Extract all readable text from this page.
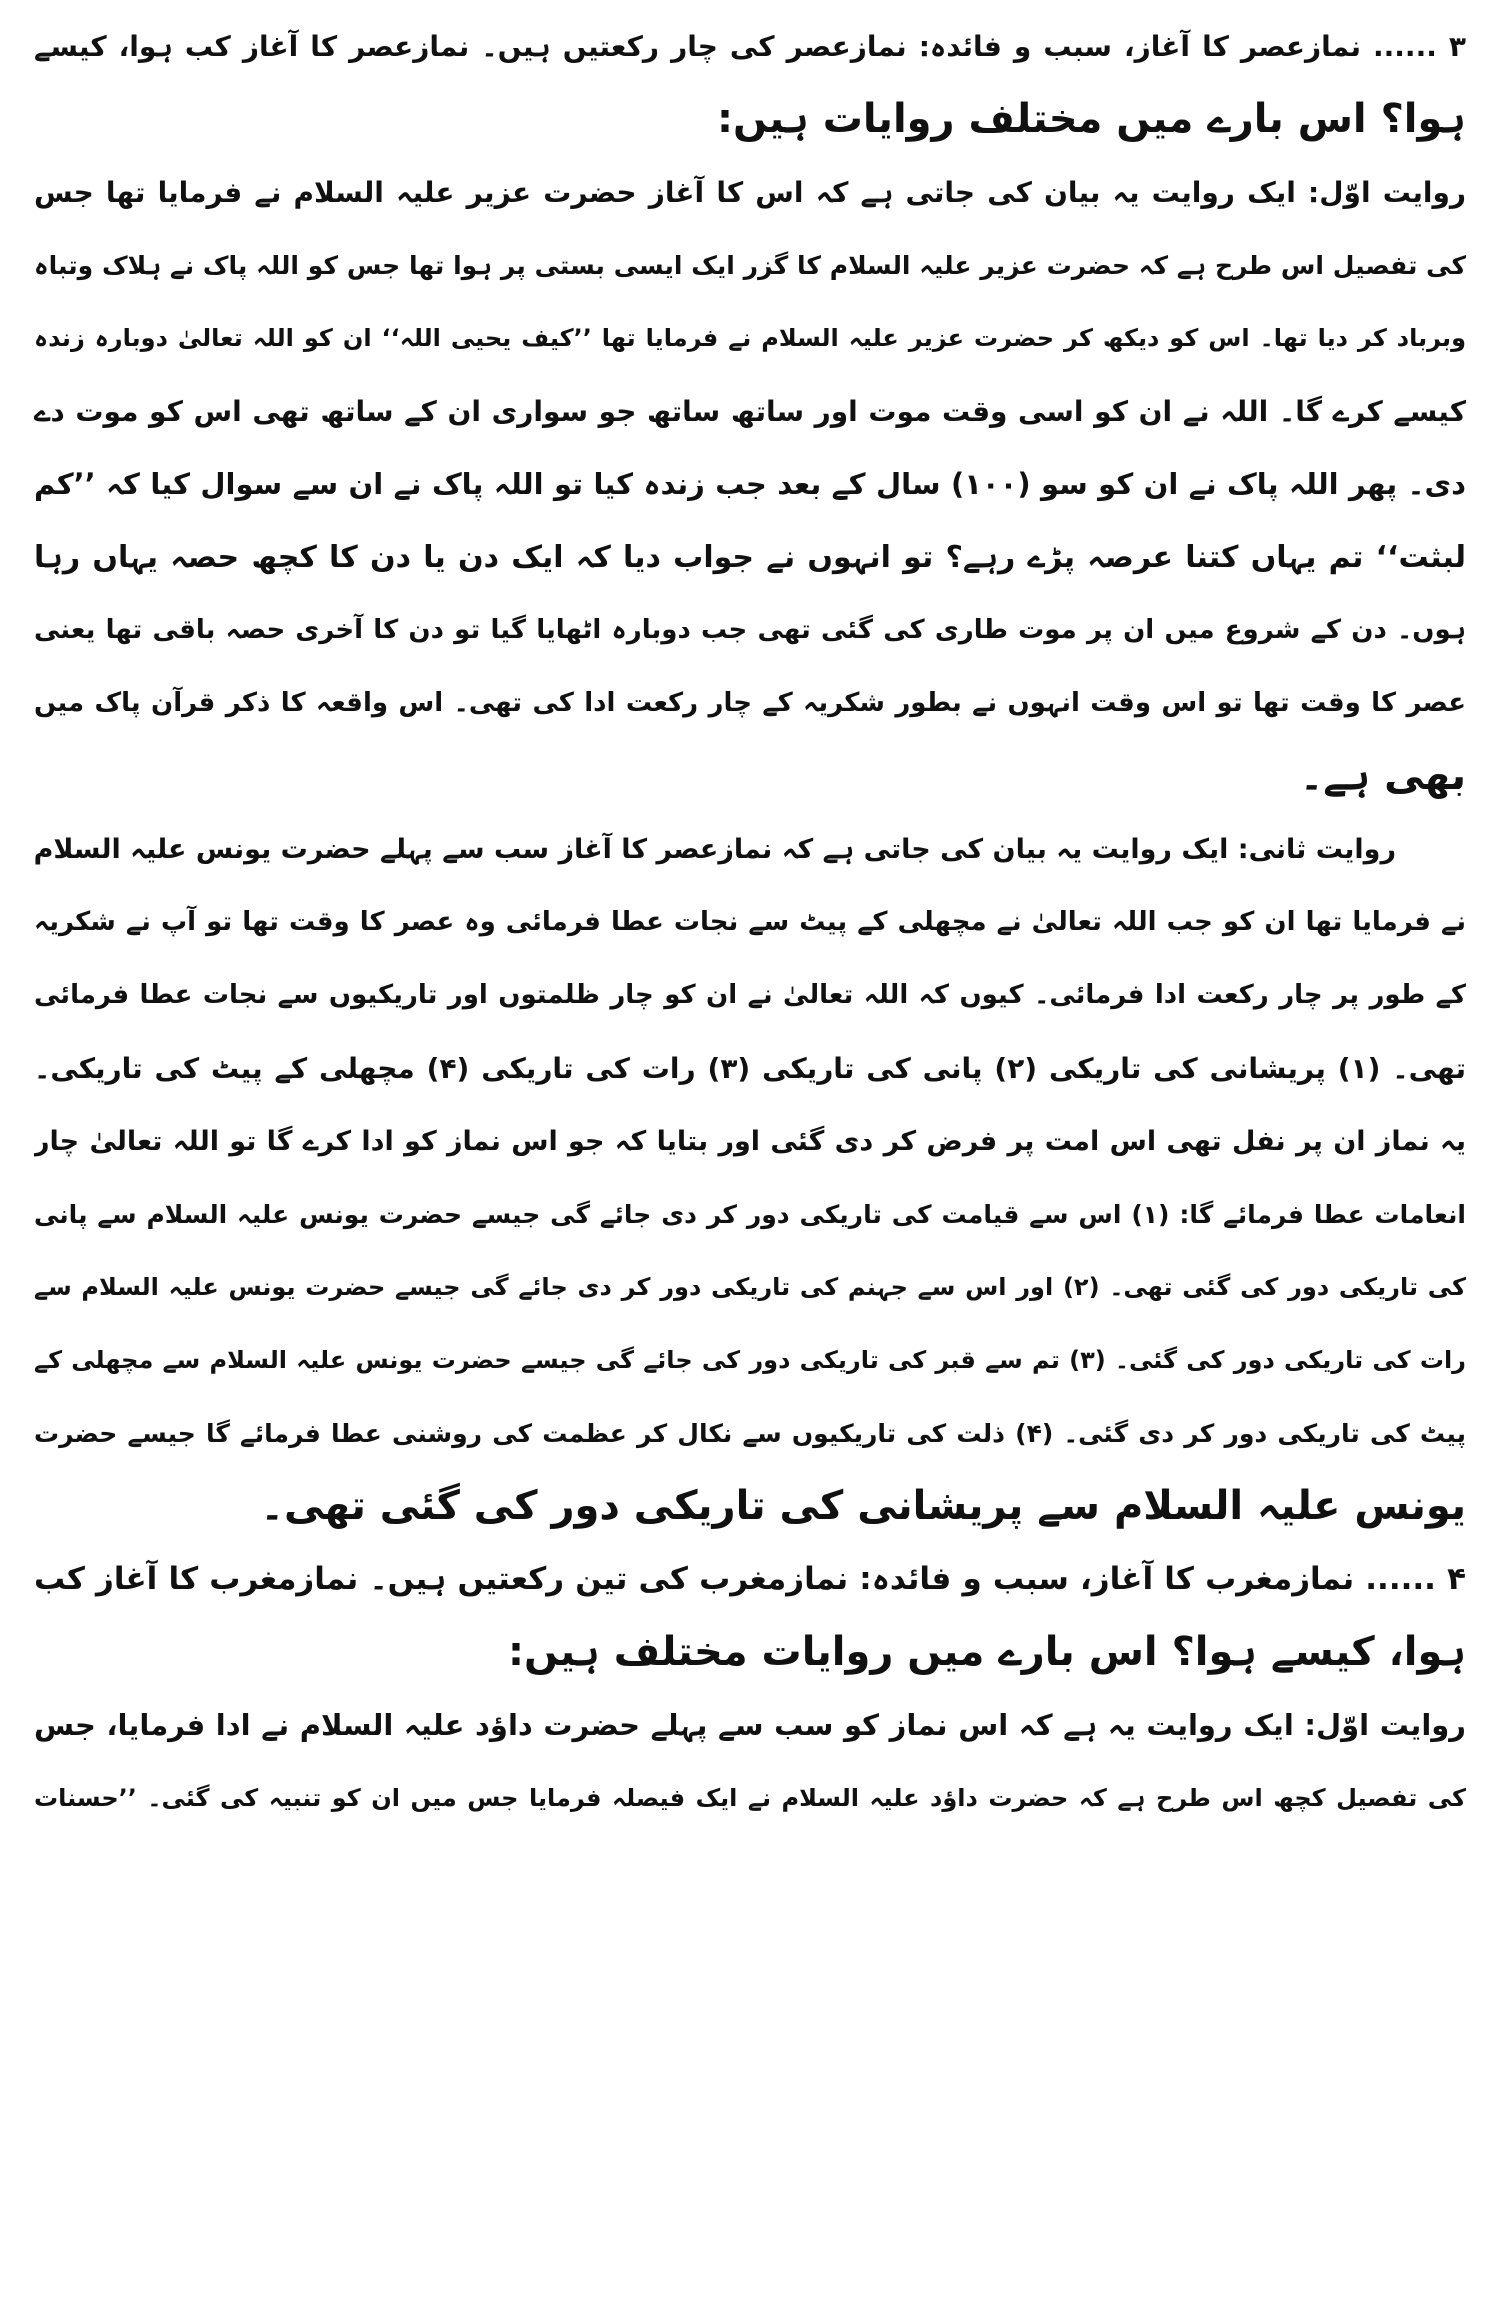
۳ ...... نمازعصر کا آغاز، سبب و فائدہ: نمازعصر کی چار رکعتیں ہیں۔ نمازعصر کا آغاز کب ہوا، کیسے
ہوا؟ اس بارے میں مختلف روایات ہیں:
روایت اوّل: ایک روایت یہ بیان کی جاتی ہے کہ اس کا آغاز حضرت عزیر علیہ السلام نے فرمایا تھا جس
کی تفصیل اس طرح ہے کہ حضرت عزیر علیہ السلام کا گزر ایک ایسی بستی پر ہوا تھا جس کو اللہ پاک نے ہلاک وتباہ
وبرباد کر دیا تھا۔ اس کو دیکھ کر حضرت عزیر علیہ السلام نے فرمایا تھا ’’کیف یحیی اللہ‘‘ ان کو اللہ تعالیٰ دوبارہ زندہ
کیسے کرے گا۔ اللہ نے ان کو اسی وقت موت اور ساتھ ساتھ جو سواری ان کے ساتھ تھی اس کو موت دے
دی۔ پھر اللہ پاک نے ان کو سو (۱۰۰) سال کے بعد جب زندہ کیا تو اللہ پاک نے ان سے سوال کیا کہ ’’کم
لبثت‘‘ تم یہاں کتنا عرصہ پڑے رہے؟ تو انہوں نے جواب دیا کہ ایک دن یا دن کا کچھ حصہ یہاں رہا
ہوں۔ دن کے شروع میں ان پر موت طاری کی گئی تھی جب دوبارہ اٹھایا گیا تو دن کا آخری حصہ باقی تھا یعنی
عصر کا وقت تھا تو اس وقت انہوں نے بطور شکریہ کے چار رکعت ادا کی تھی۔ اس واقعہ کا ذکر قرآن پاک میں
بھی ہے۔
روایت ثانی: ایک روایت یہ بیان کی جاتی ہے کہ نمازعصر کا آغاز سب سے پہلے حضرت یونس علیہ السلام
نے فرمایا تھا ان کو جب اللہ تعالیٰ نے مچھلی کے پیٹ سے نجات عطا فرمائی وہ عصر کا وقت تھا تو آپ نے شکریہ
کے طور پر چار رکعت ادا فرمائی۔ کیوں کہ اللہ تعالیٰ نے ان کو چار ظلمتوں اور تاریکیوں سے نجات عطا فرمائی
تھی۔ (۱) پریشانی کی تاریکی (۲) پانی کی تاریکی (۳) رات کی تاریکی (۴) مچھلی کے پیٹ کی تاریکی۔
یہ نماز ان پر نفل تھی اس امت پر فرض کر دی گئی اور بتایا کہ جو اس نماز کو ادا کرے گا تو اللہ تعالیٰ چار
انعامات عطا فرمائے گا: (۱) اس سے قیامت کی تاریکی دور کر دی جائے گی جیسے حضرت یونس علیہ السلام سے پانی
کی تاریکی دور کی گئی تھی۔ (۲) اور اس سے جہنم کی تاریکی دور کر دی جائے گی جیسے حضرت یونس علیہ السلام سے
رات کی تاریکی دور کی گئی۔ (۳) تم سے قبر کی تاریکی دور کی جائے گی جیسے حضرت یونس علیہ السلام سے مچھلی کے
پیٹ کی تاریکی دور کر دی گئی۔ (۴) ذلت کی تاریکیوں سے نکال کر عظمت کی روشنی عطا فرمائے گا جیسے حضرت
یونس علیہ السلام سے پریشانی کی تاریکی دور کی گئی تھی۔
۴ ...... نمازمغرب کا آغاز، سبب و فائدہ: نمازمغرب کی تین رکعتیں ہیں۔ نمازمغرب کا آغاز کب
ہوا، کیسے ہوا؟ اس بارے میں روایات مختلف ہیں:
روایت اوّل: ایک روایت یہ ہے کہ اس نماز کو سب سے پہلے حضرت داؤد علیہ السلام نے ادا فرمایا، جس
کی تفصیل کچھ اس طرح ہے کہ حضرت داؤد علیہ السلام نے ایک فیصلہ فرمایا جس میں ان کو تنبیہ کی گئی۔ ’’حسنات
